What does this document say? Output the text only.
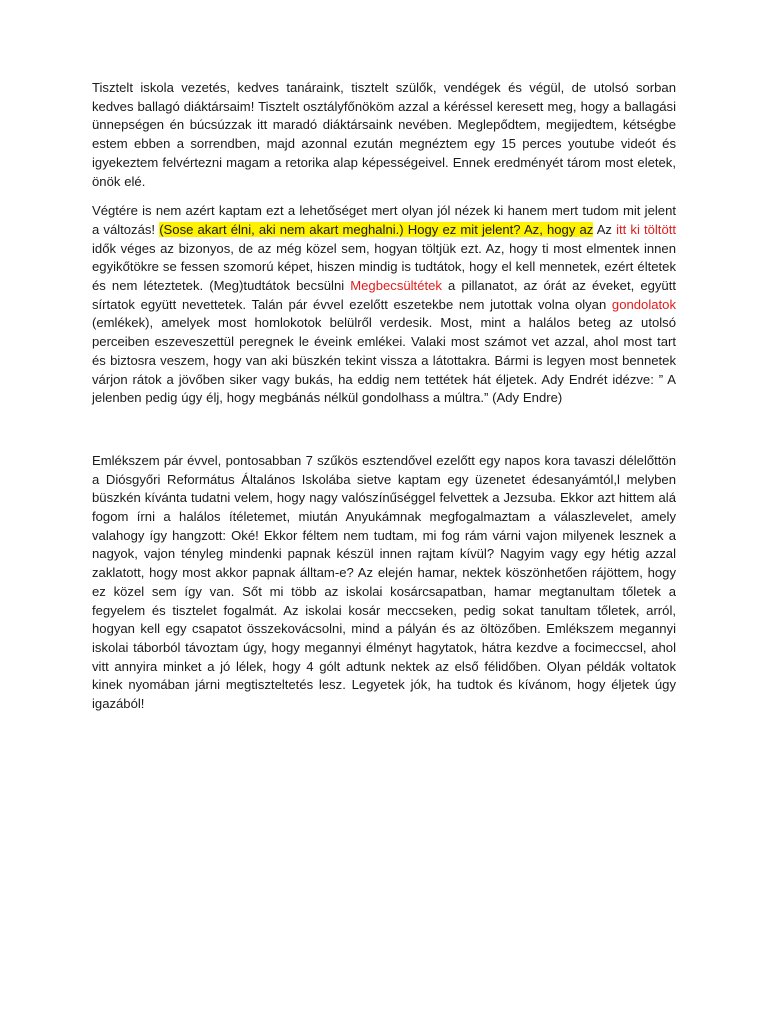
Tisztelt iskola vezetés, kedves tanáraink, tisztelt szülők, vendégek és végül, de utolsó sorban kedves ballagó diáktársaim! Tisztelt osztályfőnököm azzal a kéréssel keresett meg, hogy a ballagási ünnepségen én búcsúzzak itt maradó diáktársaink nevében. Meglepődtem, megijedtem, kétségbe estem ebben a sorrendben, majd azonnal ezután megnéztem egy 15 perces youtube videót és igyekeztem felvértezni magam a retorika alap képességeivel. Ennek eredményét tárom most eletek, önök elé.

Végtére is nem azért kaptam ezt a lehetőséget mert olyan jól nézek ki hanem mert tudom mit jelent a változás! (Sose akart élni, aki nem akart meghalni.) Hogy ez mit jelent? Az, hogy az Az itt ki töltött idők véges az bizonyos, de az még közel sem, hogyan töltjük ezt. Az, hogy ti most elmentek innen egyikőtökre se fessen szomorú képet, hiszen mindig is tudtátok, hogy el kell mennetek, ezért éltetek és nem léteztetek. (Meg)tudtátok becsülni Megbecsültétek a pillanatot, az órát az éveket, együtt sírtatok együtt nevettetek. Talán pár évvel ezelőtt eszetekbe nem jutottak volna olyan gondolatok (emlékek), amelyek most homlokotok belülről verdesik. Most, mint a halálos beteg az utolsó perceiben eszeveszettül peregnek le éveink emlékei. Valaki most számot vet azzal, ahol most tart és biztosra veszem, hogy van aki büszkén tekint vissza a látottakra. Bármi is legyen most bennetek várjon rátok a jövőben siker vagy bukás, ha eddig nem tettétek hát éljetek. Ady Endrét idézve: ” A jelenben pedig úgy élj, hogy megbánás nélkül gondolhass a múltra.” (Ady Endre)

Emlékszem pár évvel, pontosabban 7 szűkös esztendővel ezelőtt egy napos kora tavaszi délelőttön a Diósgyőri Református Általános Iskolába sietve kaptam egy üzenetet édesanyámtól,l melyben büszkén kívánta tudatni velem, hogy nagy valószínűséggel felvettek a Jezsuba. Ekkor azt hittem alá fogom írni a halálos ítéletemet, miután Anyukámnak megfogalmaztam a válaszlevelet, amely valahogy így hangzott: Oké! Ekkor féltem nem tudtam, mi fog rám várni vajon milyenek lesznek a nagyok, vajon tényleg mindenki papnak készül innen rajtam kívül? Nagyim vagy egy hétig azzal zaklatott, hogy most akkor papnak álltam-e? Az elején hamar, nektek köszönhetően rájöttem, hogy ez közel sem így van. Sőt mi több az iskolai kosárcsapatban, hamar megtanultam tőletek a fegyelem és tisztelet fogalmát. Az iskolai kosár meccseken, pedig sokat tanultam tőletek, arról, hogyan kell egy csapatot összekovácsolni, mind a pályán és az öltözőben. Emlékszem megannyi iskolai táborból távoztam úgy, hogy megannyi élményt hagytatok, hátra kezdve a focimeccsel, ahol vitt annyira minket a jó lélek, hogy 4 gólt adtunk nektek az első félidőben. Olyan példák voltatok kinek nyomában járni megtiszteltetés lesz. Legyetek jók, ha tudtok és kívánom, hogy éljetek úgy igazából!
